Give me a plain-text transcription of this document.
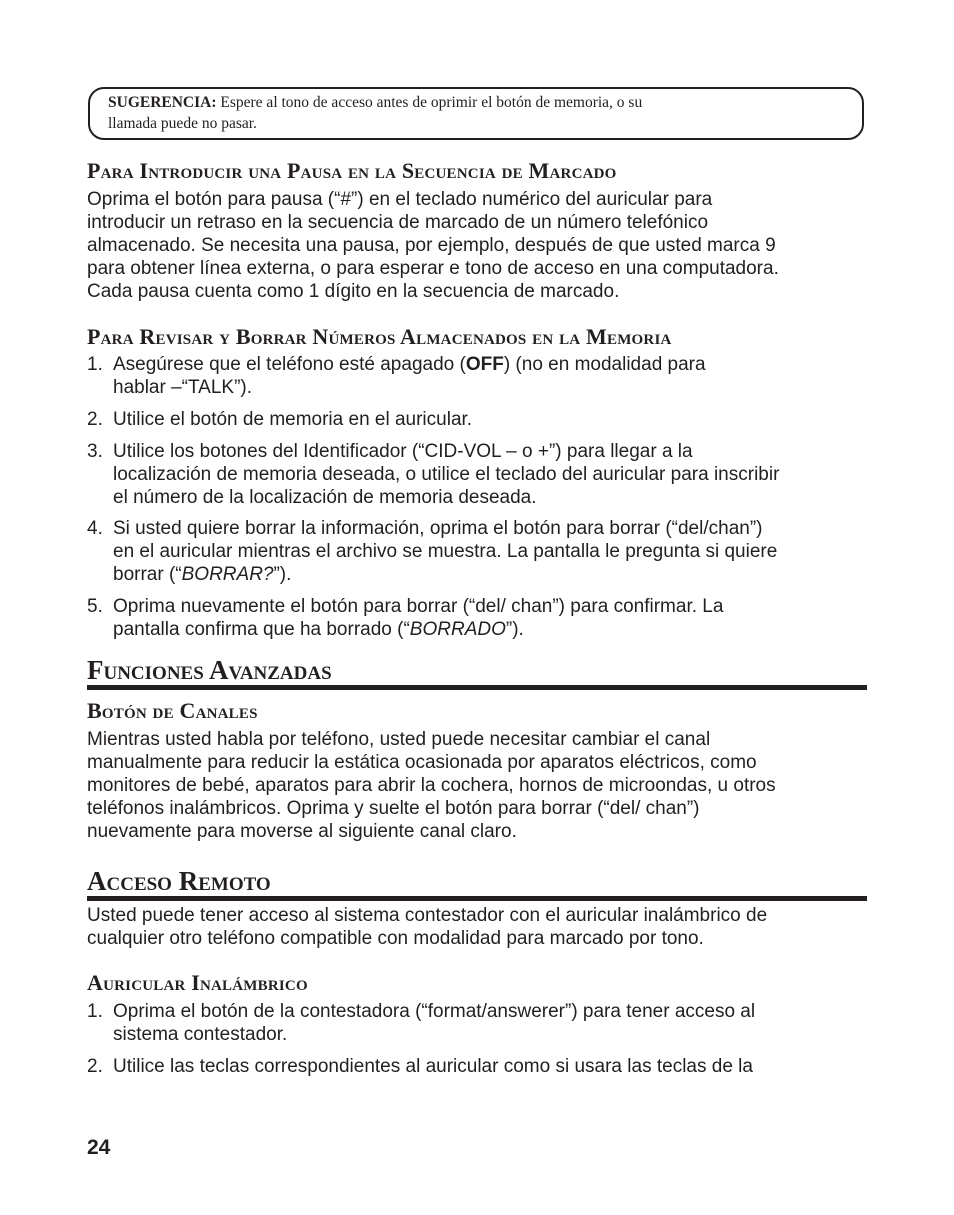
SUGERENCIA: Espere al tono de acceso antes de oprimir el botón de memoria, o su
llamada puede no pasar.
Para Introducir una Pausa en la Secuencia de Marcado
Oprima el botón para pausa (“#”) en el teclado numérico del auricular para
introducir un retraso en la secuencia de marcado de un número telefónico
almacenado. Se necesita una pausa, por ejemplo, después de que usted marca 9
para obtener línea externa, o para esperar e tono de acceso en una computadora.
Cada pausa cuenta como 1 dígito en la secuencia de marcado.
Para Revisar y Borrar Números Almacenados en la Memoria
1. Asegúrese que el teléfono esté apagado (OFF) (no en modalidad para
hablar –“TALK”).
2. Utilice el botón de memoria en el auricular.
3. Utilice los botones del Identificador (“CID-VOL – o +”) para llegar a la
localización de memoria deseada, o utilice el teclado del auricular para inscribir
el número de la localización de memoria deseada.
4. Si usted quiere borrar la información, oprima el botón para borrar (“del/chan”)
en el auricular mientras el archivo se muestra. La pantalla le pregunta si quiere
borrar (“BORRAR?”).
5. Oprima nuevamente el botón para borrar (“del/ chan”) para confirmar. La
pantalla confirma que ha borrado (“BORRADO”).
Funciones Avanzadas
Botón de Canales
Mientras usted habla por teléfono, usted puede necesitar cambiar el canal
manualmente para reducir la estática ocasionada por aparatos eléctricos, como
monitores de bebé, aparatos para abrir la cochera, hornos de microondas, u otros
teléfonos inalámbricos. Oprima y suelte el botón para borrar (“del/ chan”)
nuevamente para moverse al siguiente canal claro.
Acceso Remoto
Usted puede tener acceso al sistema contestador con el auricular inalámbrico de
cualquier otro teléfono compatible con modalidad para marcado por tono.
Auricular Inalámbrico
1. Oprima el botón de la contestadora (“format/answerer”) para tener acceso al
sistema contestador.
2. Utilice las teclas correspondientes al auricular como si usara las teclas de la
24
